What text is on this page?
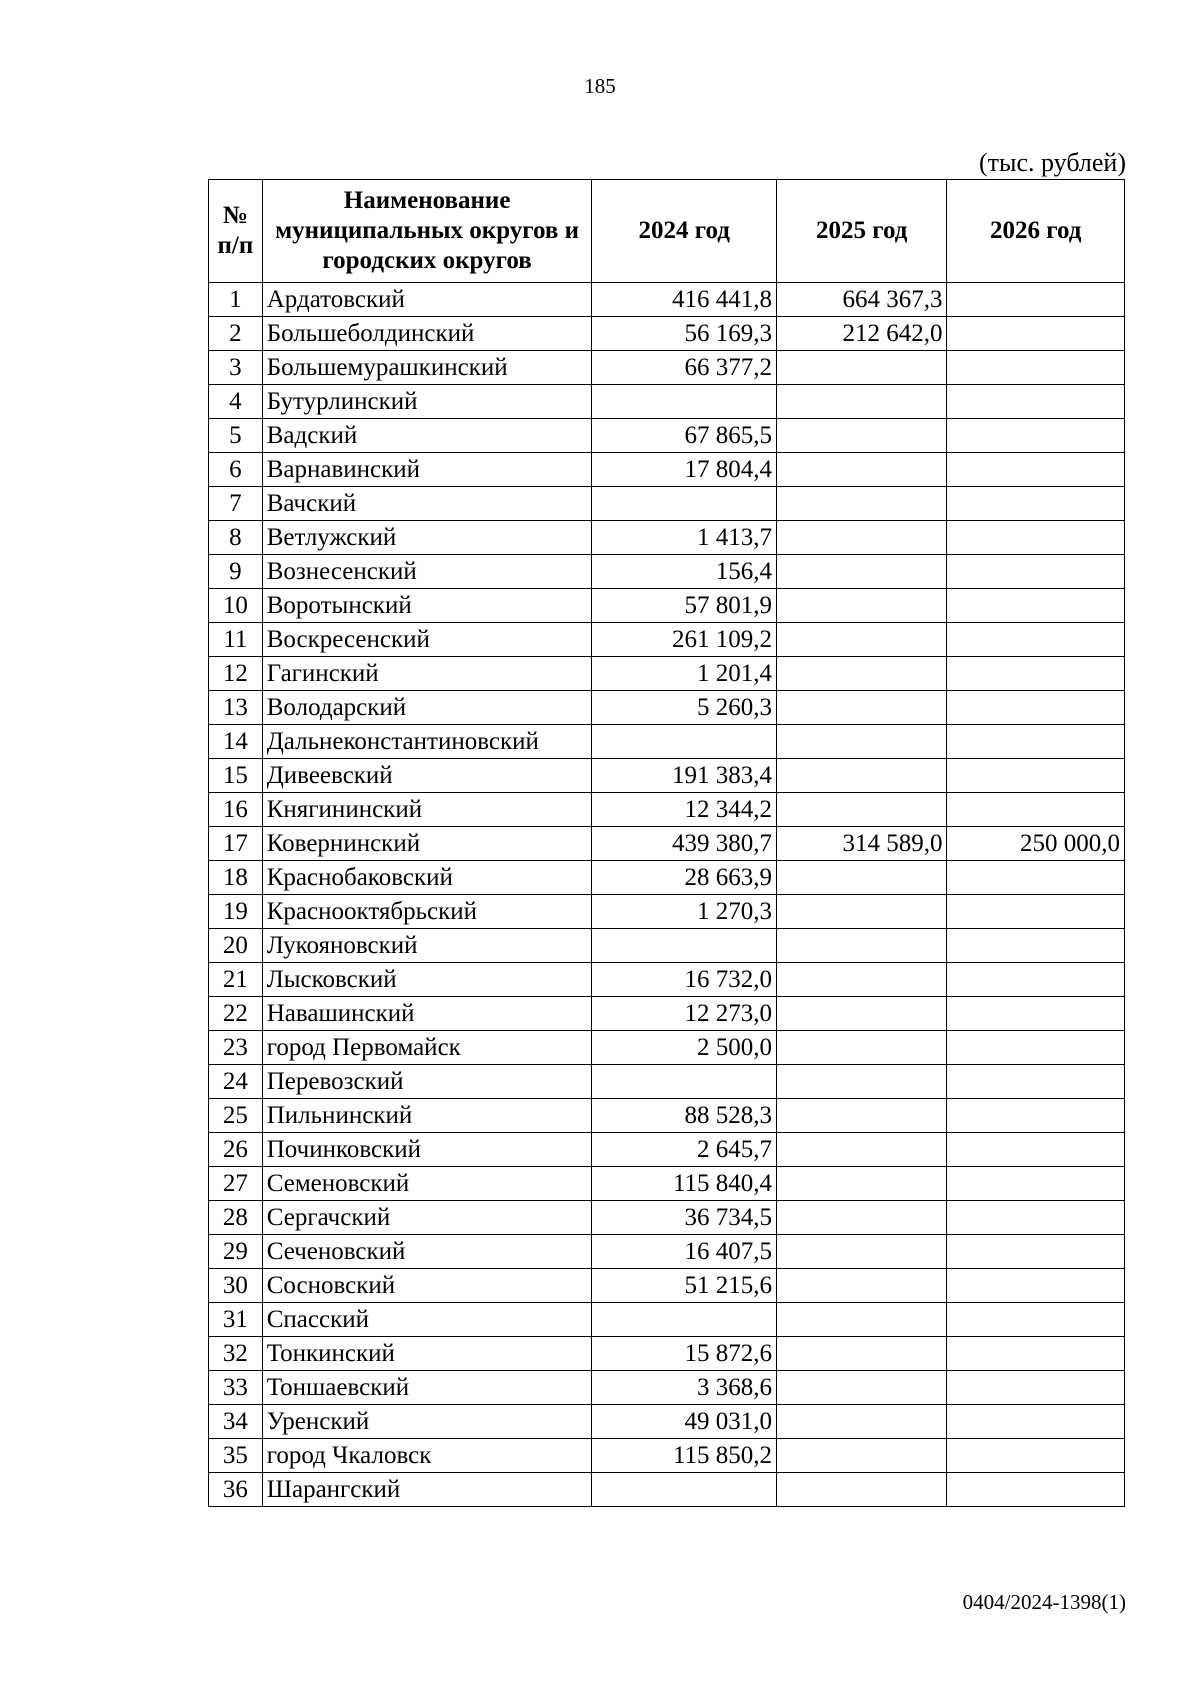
185
(тыс. рублей)
№ п/п	Наименование муниципальных округов и городских округов	2024 год	2025 год	2026 год
1	Ардатовский	416 441,8	664 367,3	
2	Большеболдинский	56 169,3	212 642,0	
3	Большемурашкинский	66 377,2		
4	Бутурлинский			
5	Вадский	67 865,5		
6	Варнавинский	17 804,4		
7	Вачский			
8	Ветлужский	1 413,7		
9	Вознесенский	156,4		
10	Воротынский	57 801,9		
11	Воскресенский	261 109,2		
12	Гагинский	1 201,4		
13	Володарский	5 260,3		
14	Дальнеконстантиновский			
15	Дивеевский	191 383,4		
16	Княгининский	12 344,2		
17	Ковернинский	439 380,7	314 589,0	250 000,0
18	Краснобаковский	28 663,9		
19	Краснооктябрьский	1 270,3		
20	Лукояновский			
21	Лысковский	16 732,0		
22	Навашинский	12 273,0		
23	город Первомайск	2 500,0		
24	Перевозский			
25	Пильнинский	88 528,3		
26	Починковский	2 645,7		
27	Семеновский	115 840,4		
28	Сергачский	36 734,5		
29	Сеченовский	16 407,5		
30	Сосновский	51 215,6		
31	Спасский			
32	Тонкинский	15 872,6		
33	Тоншаевский	3 368,6		
34	Уренский	49 031,0		
35	город Чкаловск	115 850,2		
36	Шарангский			
0404/2024-1398(1)
